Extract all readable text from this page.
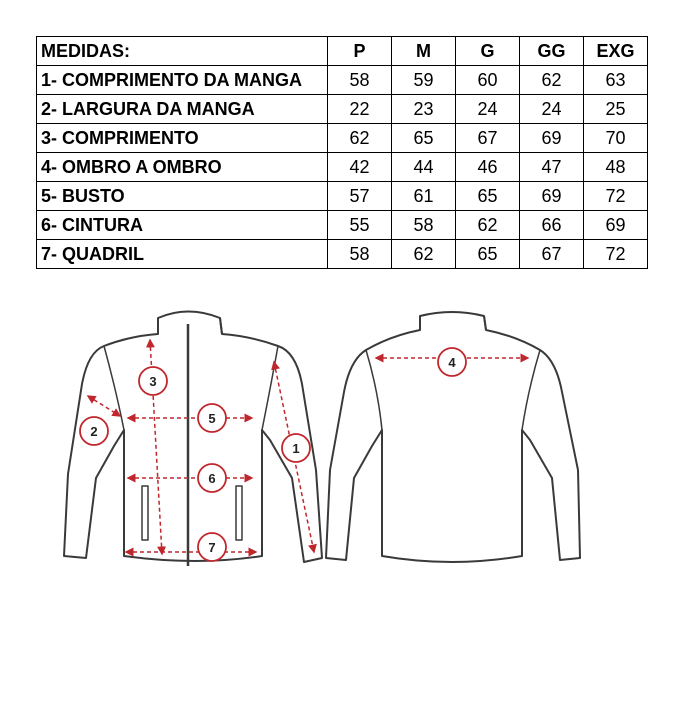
MEDIDAS:	P	M	G	GG	EXG
1- COMPRIMENTO DA MANGA	58	59	60	62	63
2- LARGURA DA MANGA	22	23	24	24	25
3- COMPRIMENTO	62	65	67	69	70
4- OMBRO A OMBRO	42	44	46	47	48
5- BUSTO	57	61	65	69	72
6- CINTURA	55	58	62	66	69
7- QUADRIL	58	62	65	67	72
1
2
3
4
5
6
7
